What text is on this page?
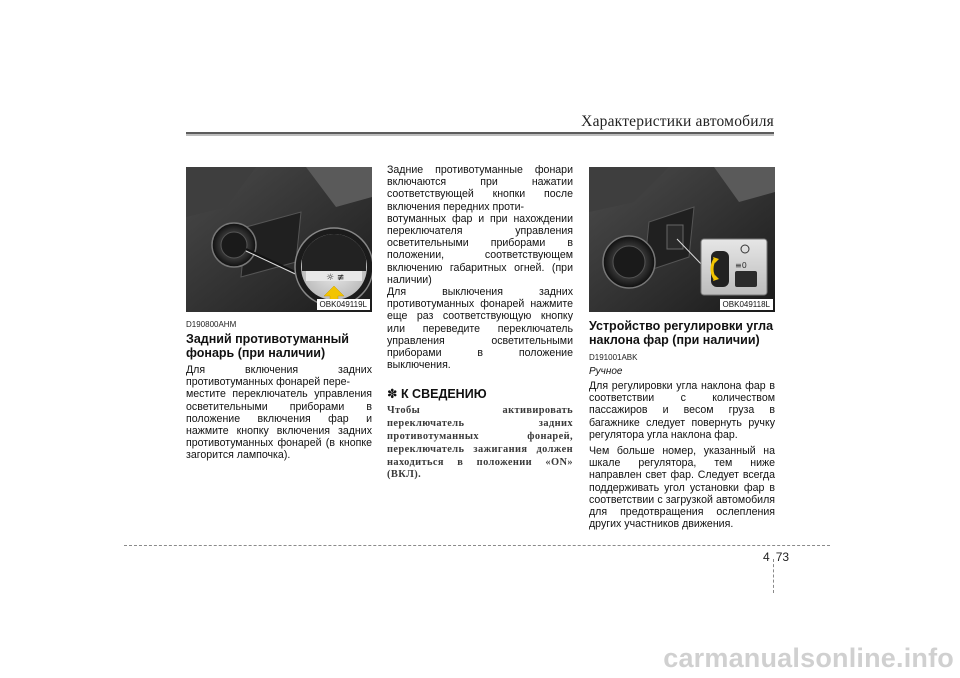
Характеристики автомобиля
☼ ≢
OBK049119L
D190800AHM
Задний противотуманный фонарь (при наличии)
Для включения задних противотуманных фонарей пере-
местите переключатель управления осветительными приборами в положение включения фар и нажмите кнопку включения задних противотуманных фонарей (в кнопке загорится лампочка).
Задние противотуманные фонари включаются при нажатии соответствующей кнопки после включения передних проти-
вотуманных фар и при нахождении переключателя управления осветительными приборами в положении, соответствующем включению габаритных огней. (при наличии)
Для выключения задних противотуманных фонарей нажмите еще раз соответствующую кнопку или переведите переключатель управления осветительными приборами в положение выключения.
✽ К СВЕДЕНИЮ
Чтобы активировать переключатель задних противотуманных фонарей, переключатель зажигания должен находиться в положении «ON» (ВКЛ).
≡0
OBK049118L
Устройство регулировки угла наклона фар (при наличии)
D191001ABK
Ручное
Для регулировки угла наклона фар в соответствии с количеством пассажиров и весом груза в багажнике следует повернуть ручку регулятора угла наклона фар.
Чем больше номер, указанный на шкале регулятора, тем ниже направлен свет фар. Следует всегда поддерживать угол установки фар в соответствии с загрузкой автомобиля для предотвращения ослепления других участников движения.
4 73
carmanualsonline.info
